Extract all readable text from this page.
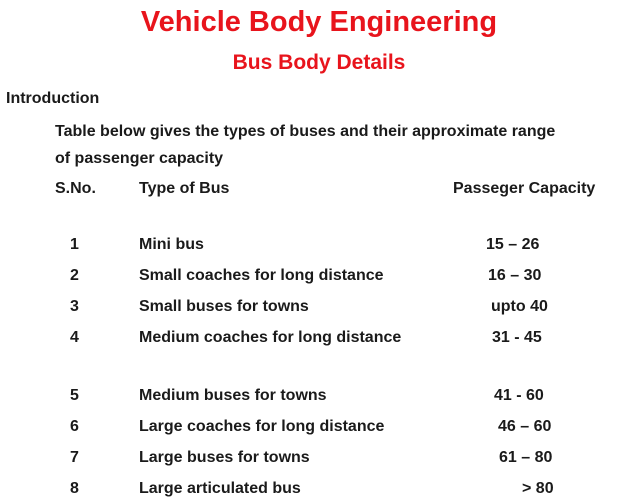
Vehicle Body Engineering
Bus Body Details
Introduction
Table below gives the types of buses and their approximate range
of passenger capacity
S.No.	Type of Bus	Passeger Capacity
1	Mini bus	15 – 26
2	Small coaches for long distance	16 – 30
3	Small buses for towns	upto 40
4	Medium coaches for long distance	31 - 45
5	Medium buses for towns	41 - 60
6	Large coaches for long distance	46 – 60
7	Large buses for towns	61 – 80
8	Large articulated bus	> 80
